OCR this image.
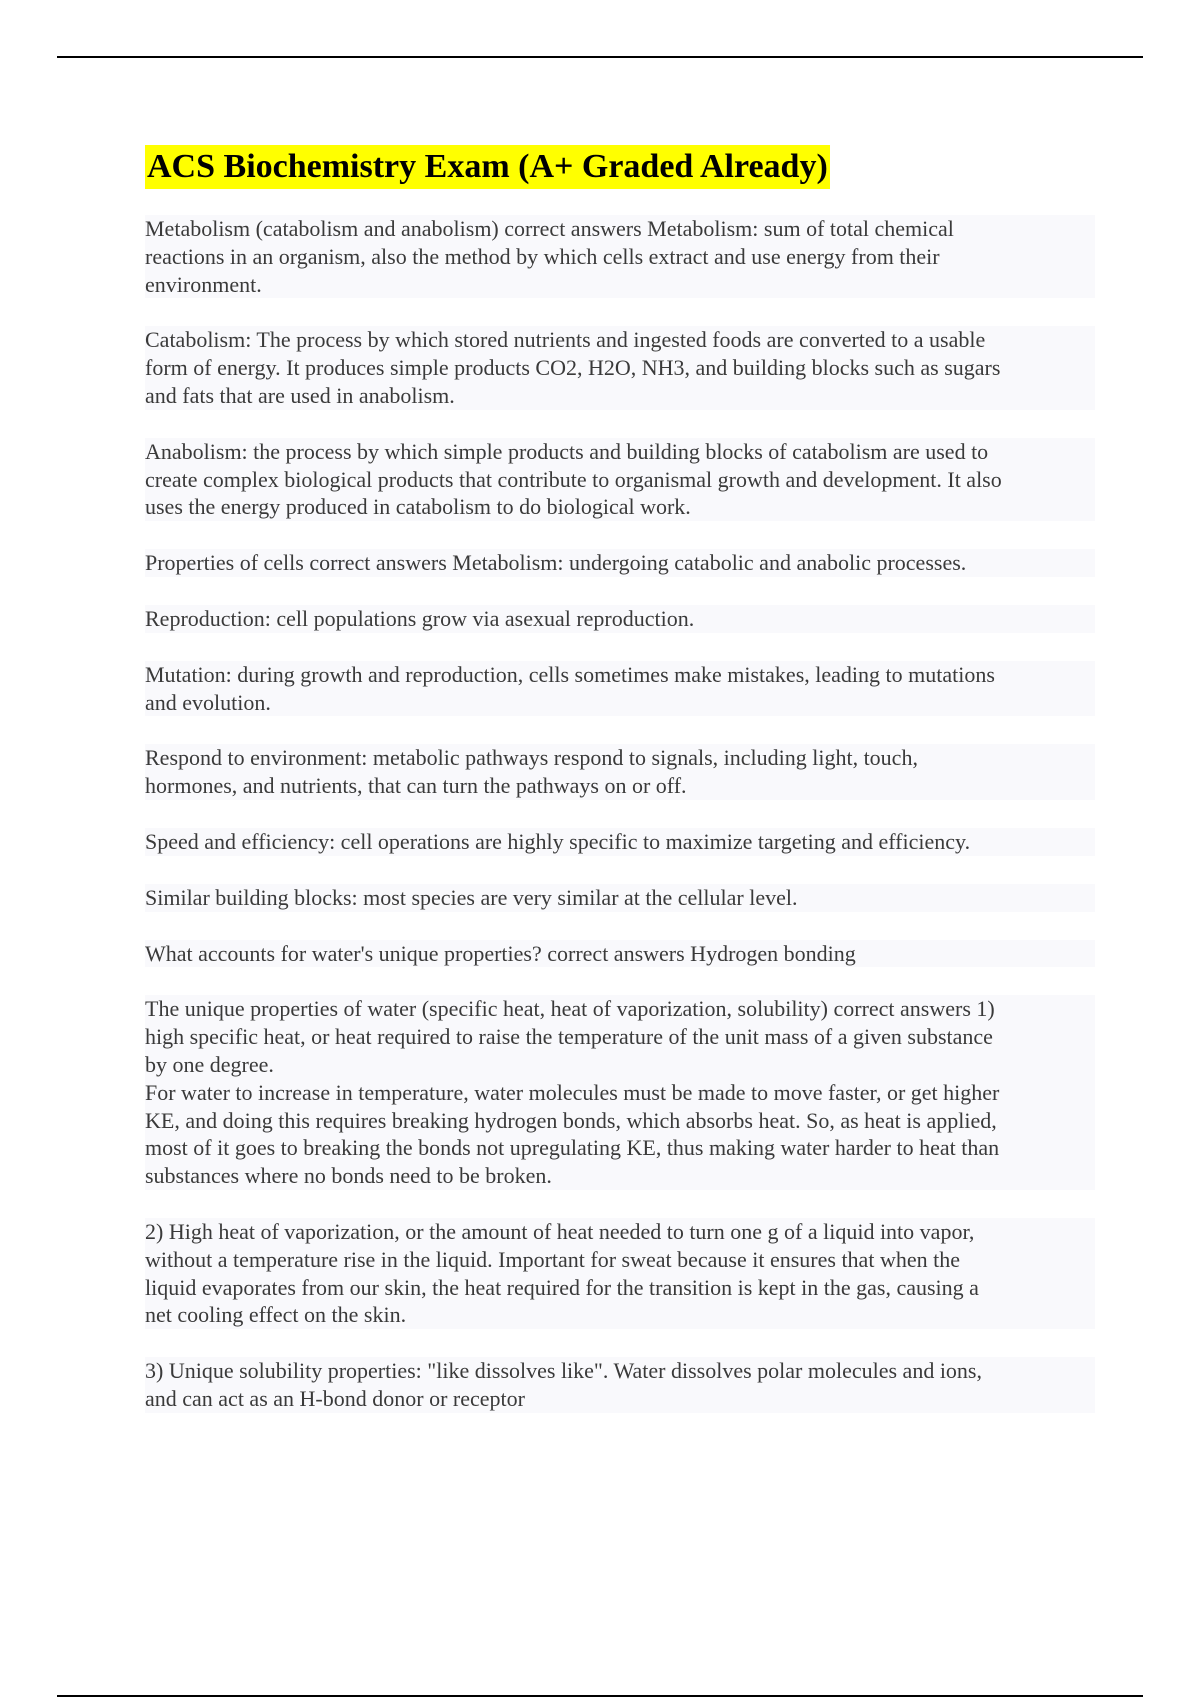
ACS Biochemistry Exam (A+ Graded Already)
Metabolism (catabolism and anabolism) correct answers Metabolism: sum of total chemical
reactions in an organism, also the method by which cells extract and use energy from their
environment.
Catabolism: The process by which stored nutrients and ingested foods are converted to a usable
form of energy. It produces simple products CO2, H2O, NH3, and building blocks such as sugars
and fats that are used in anabolism.
Anabolism: the process by which simple products and building blocks of catabolism are used to
create complex biological products that contribute to organismal growth and development. It also
uses the energy produced in catabolism to do biological work.
Properties of cells correct answers Metabolism: undergoing catabolic and anabolic processes.
Reproduction: cell populations grow via asexual reproduction.
Mutation: during growth and reproduction, cells sometimes make mistakes, leading to mutations
and evolution.
Respond to environment: metabolic pathways respond to signals, including light, touch,
hormones, and nutrients, that can turn the pathways on or off.
Speed and efficiency: cell operations are highly specific to maximize targeting and efficiency.
Similar building blocks: most species are very similar at the cellular level.
What accounts for water's unique properties? correct answers Hydrogen bonding
The unique properties of water (specific heat, heat of vaporization, solubility) correct answers 1)
high specific heat, or heat required to raise the temperature of the unit mass of a given substance
by one degree.
For water to increase in temperature, water molecules must be made to move faster, or get higher
KE, and doing this requires breaking hydrogen bonds, which absorbs heat. So, as heat is applied,
most of it goes to breaking the bonds not upregulating KE, thus making water harder to heat than
substances where no bonds need to be broken.
2) High heat of vaporization, or the amount of heat needed to turn one g of a liquid into vapor,
without a temperature rise in the liquid. Important for sweat because it ensures that when the
liquid evaporates from our skin, the heat required for the transition is kept in the gas, causing a
net cooling effect on the skin.
3) Unique solubility properties: "like dissolves like". Water dissolves polar molecules and ions,
and can act as an H-bond donor or receptor
